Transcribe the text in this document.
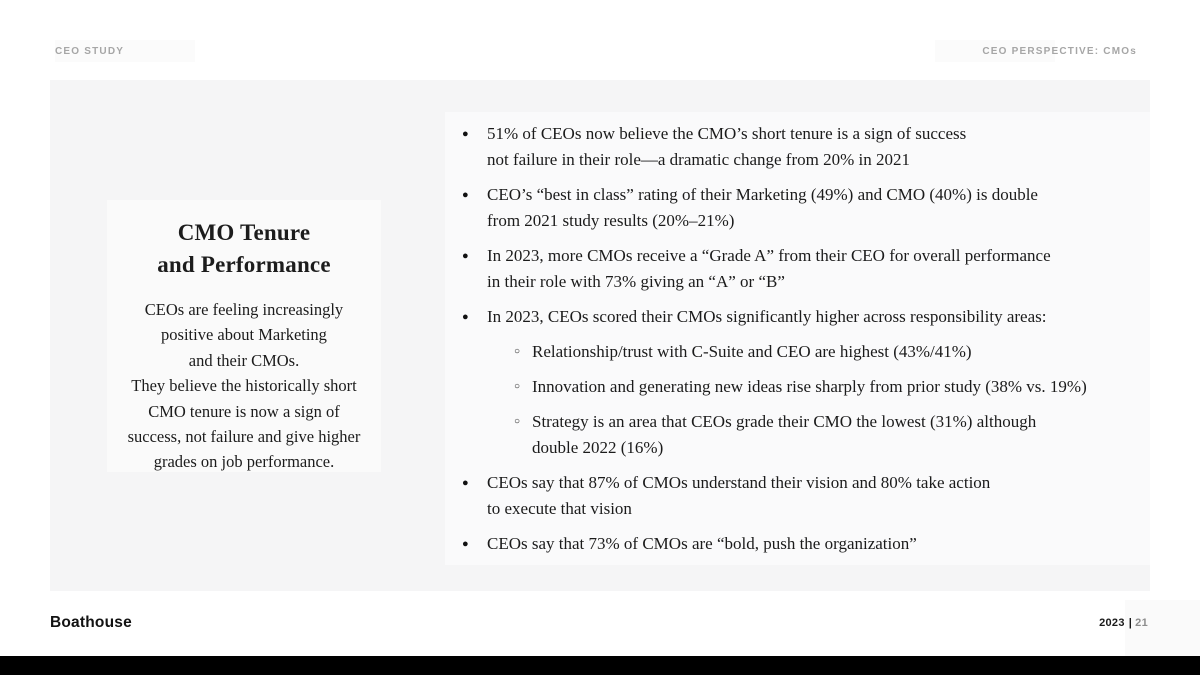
CEO STUDY	CEO PERSPECTIVE: CMOs
CMO Tenure
and Performance
CEOs are feeling increasingly
positive about Marketing
and their CMOs.
They believe the historically short
CMO tenure is now a sign of
success, not failure and give higher
grades on job performance.
●	51% of CEOs now believe the CMO’s short tenure is a sign of success
not failure in their role—a dramatic change from 20% in 2021
●	CEO’s “best in class” rating of their Marketing (49%) and CMO (40%) is double
from 2021 study results (20%–21%)
●	In 2023, more CMOs receive a “Grade A” from their CEO for overall performance
in their role with 73% giving an “A” or “B”
●	In 2023, CEOs scored their CMOs significantly higher across responsibility areas:
○ Relationship/trust with C-Suite and CEO are highest (43%/41%)
○ Innovation and generating new ideas rise sharply from prior study (38% vs. 19%)
○ Strategy is an area that CEOs grade their CMO the lowest (31%) although
double 2022 (16%)
●	CEOs say that 87% of CMOs understand their vision and 80% take action
to execute that vision
●	CEOs say that 73% of CMOs are “bold, push the organization”
Boathouse	2023 | 21
